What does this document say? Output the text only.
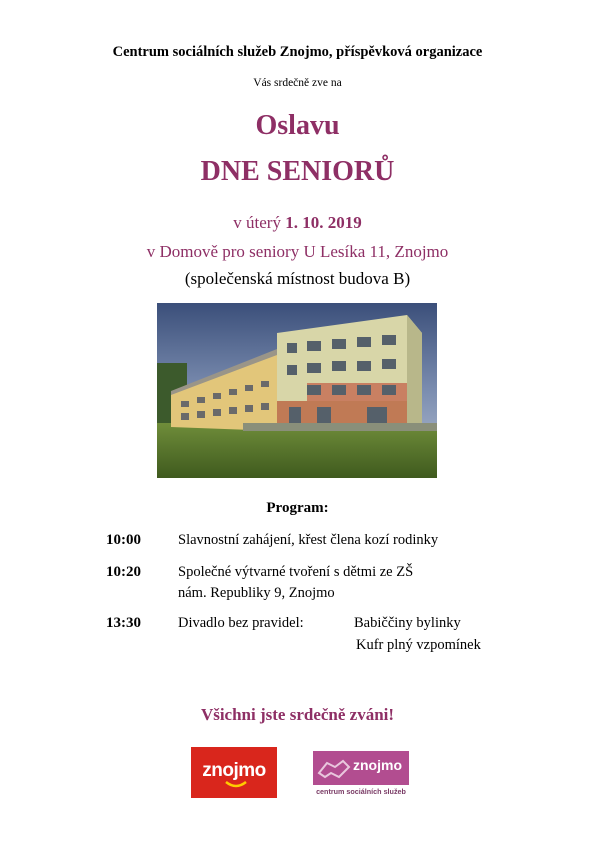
Centrum sociálních služeb Znojmo, příspěvková organizace
Vás srdečně zve na
Oslavu
DNE SENIORŮ
v úterý 1. 10. 2019
v Domově pro seniory U Lesíka 11, Znojmo
(společenská místnost budova B)
Program:
10:00	Slavnostní zahájení, křest člena kozí rodinky
10:20	Společné výtvarné tvoření s dětmi ze ZŠ
nám. Republiky 9, Znojmo
13:30	Divadlo bez pravidel:	Babiččiny bylinky
Kufr plný vzpomínek
Všichni jste srdečně zváni!
znojmo	znojmo
centrum sociálních služeb
